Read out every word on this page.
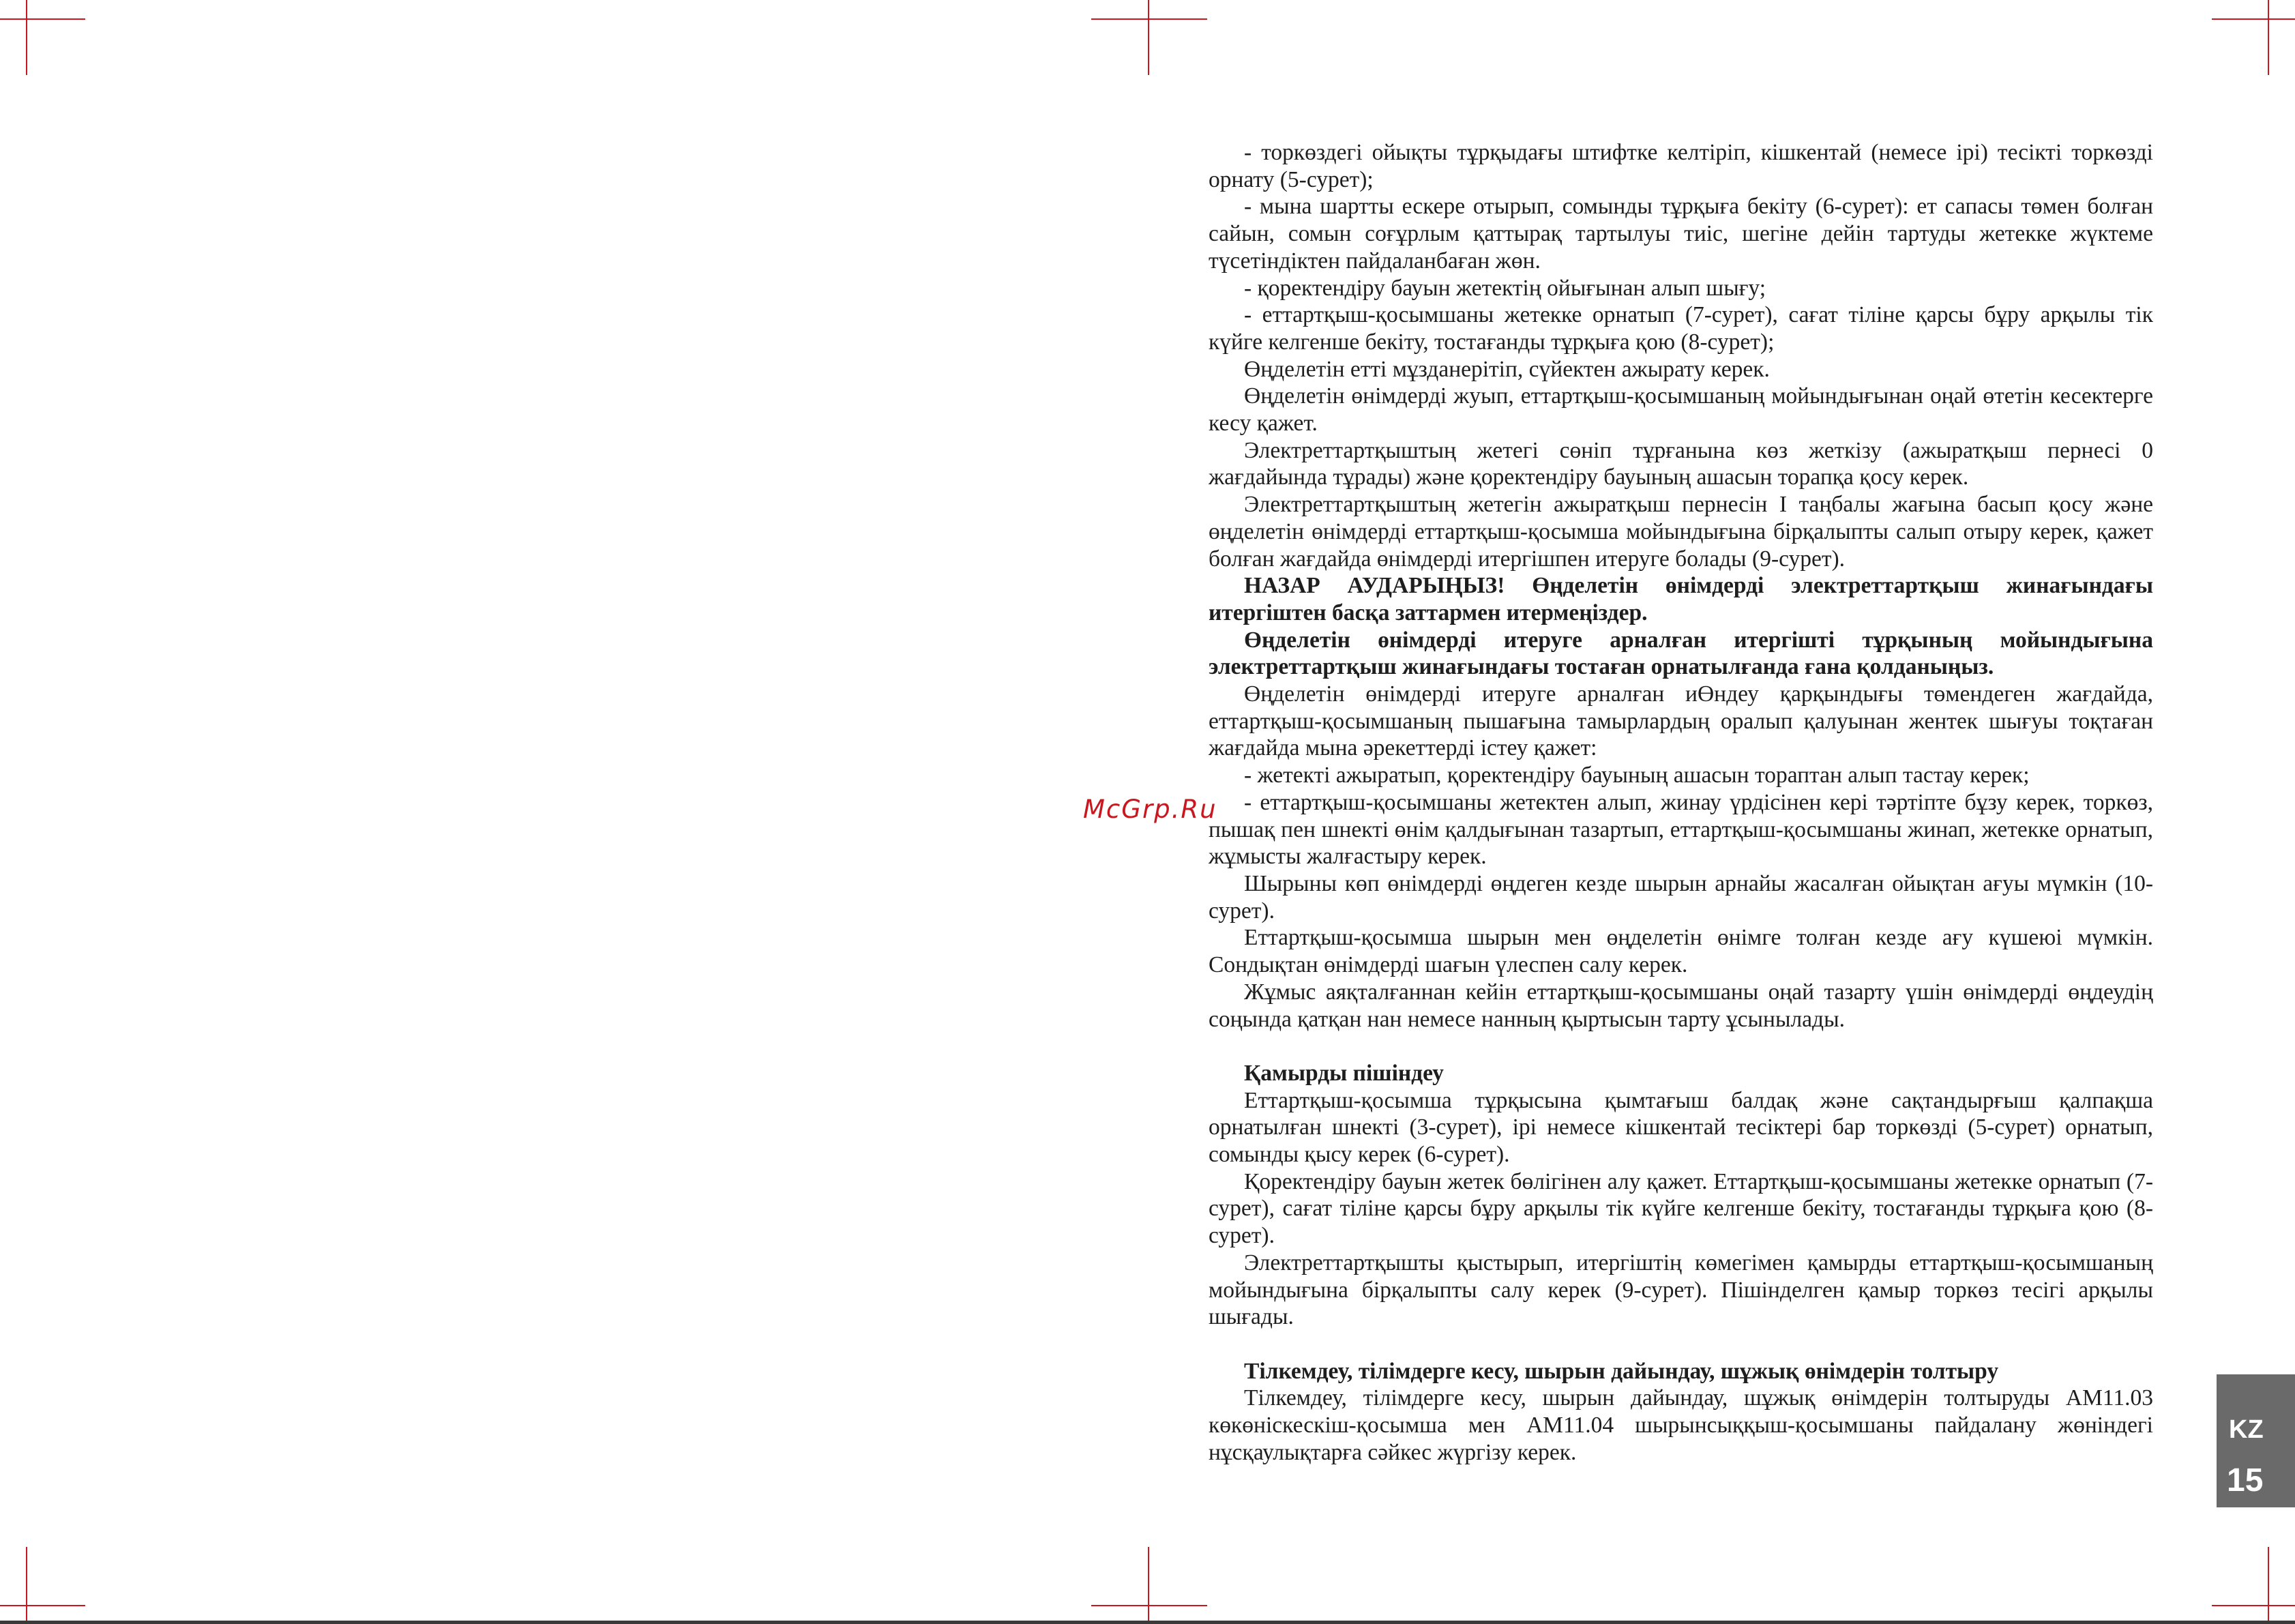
McGrp.Ru

- торкөздегі ойықты тұрқыдағы штифтке келтіріп, кішкентай (немесе ірі) тесікті торкөзді орнату (5-сурет);

- мына шартты ескере отырып, сомынды тұрқыға бекіту (6-сурет): ет сапасы төмен болған сайын, сомын соғұрлым қаттырақ тартылуы тиіс, шегіне дейін тартуды жетекке жүктеме түсетіндіктен пайдаланбаған жөн.

- қоректендіру бауын жетектің ойығынан алып шығу;

- еттартқыш-қосымшаны жетекке орнатып (7-сурет), сағат тіліне қарсы бұру арқылы тік күйге келгенше бекіту, тостағанды тұрқыға қою (8-сурет);

Өңделетін етті мұзданерітіп, сүйектен ажырату керек.

Өңделетін өнімдерді жуып, еттартқыш-қосымшаның мойындығынан оңай өтетін кесектерге кесу қажет.

Электреттартқыштың жетегі сөніп тұрғанына көз жеткізу (ажыратқыш пернесі 0 жағдайында тұрады) және қоректендіру бауының ашасын торапқа қосу керек.

Электреттартқыштың жетегін ажыратқыш пернесін I таңбалы жағына басып қосу және өңделетін өнімдерді еттартқыш-қосымша мойындығына бірқалыпты салып отыру керек, қажет болған жағдайда өнімдерді итергішпен итеруге болады (9-сурет).

НАЗАР АУДАРЫҢЫЗ! Өңделетін өнімдерді электреттартқыш жинағындағы итергіштен басқа заттармен итермеңіздер.

Өңделетін өнімдерді итеруге арналған итергішті тұрқының мойындығына электреттартқыш жинағындағы тостаған орнатылғанда ғана қолданыңыз.

Өңделетін өнімдерді итеруге арналған иӨндеу қарқындығы төмендеген жағдайда, еттартқыш-қосымшаның пышағына тамырлардың оралып қалуынан жентек шығуы тоқтаған жағдайда мына әрекеттерді істеу қажет:

- жетекті ажыратып, қоректендіру бауының ашасын тораптан алып тастау керек;

- еттартқыш-қосымшаны жетектен алып, жинау үрдісінен кері тәртіпте бұзу керек, торкөз, пышақ пен шнекті өнім қалдығынан тазартып, еттартқыш-қосымшаны жинап, жетекке орнатып, жұмысты жалғастыру керек.

Шырыны көп өнімдерді өңдеген кезде шырын арнайы жасалған ойықтан ағуы мүмкін (10-сурет).

Еттартқыш-қосымша шырын мен өңделетін өнімге толған кезде ағу күшеюі мүмкін. Сондықтан өнімдерді шағын үлеспен салу керек.

Жұмыс аяқталғаннан кейін еттартқыш-қосымшаны оңай тазарту үшін өнімдерді өңдеудің соңында қатқан нан немесе нанның қыртысын тарту ұсынылады.

Қамырды пішіндеу

Еттартқыш-қосымша тұрқысына қымтағыш балдақ және сақтандырғыш қалпақша орнатылған шнекті (3-сурет), ірі немесе кішкентай тесіктері бар торкөзді (5-сурет) орнатып, сомынды қысу керек (6-сурет).

Қоректендіру бауын жетек бөлігінен алу қажет. Еттартқыш-қосымшаны жетекке орнатып (7-сурет), сағат тіліне қарсы бұру арқылы тік күйге келгенше бекіту, тостағанды тұрқыға қою (8-сурет).

Электреттартқышты қыстырып, итергіштің көмегімен қамырды еттартқыш-қосымшаның мойындығына бірқалыпты салу керек (9-сурет). Пішінделген қамыр торкөз тесігі арқылы шығады.

Тілкемдеу, тілімдерге кесу, шырын дайындау, шұжық өнімдерін толтыру

Тілкемдеу, тілімдерге кесу, шырын дайындау, шұжық өнімдерін толтыруды AM11.03 көкөніскескіш-қосымша мен AM11.04 шырынсыққыш-қосымшаны пайдалану жөніндегі нұсқаулықтарға сәйкес жүргізу керек.

KZ
15
